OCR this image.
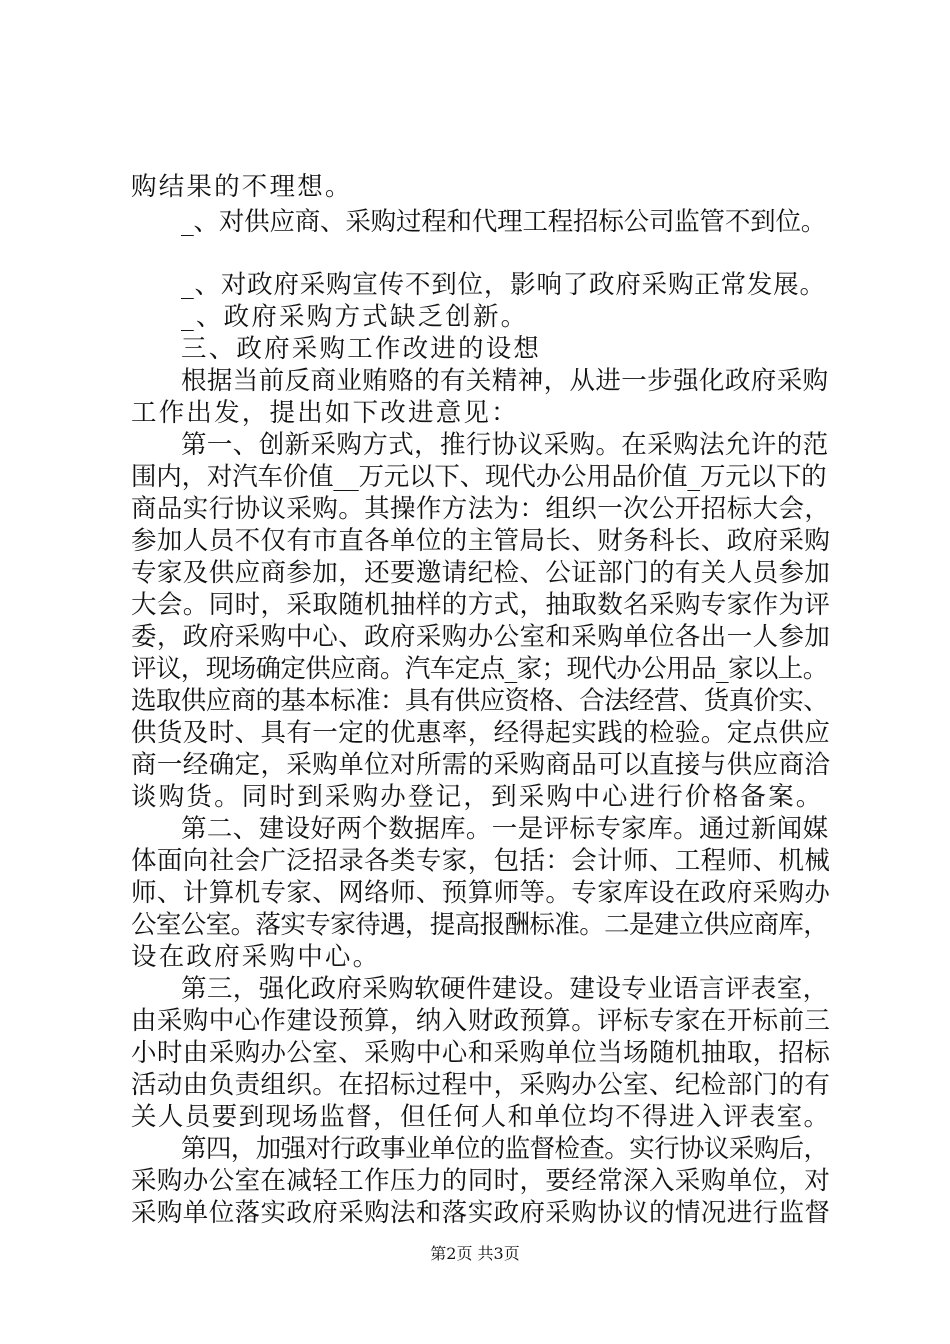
购结果的不理想。
_、对供应商、采购过程和代理工程招标公司监管不到位。
_、对政府采购宣传不到位，影响了政府采购正常发展。
_、政府采购方式缺乏创新。
三、政府采购工作改进的设想
根据当前反商业贿赂的有关精神，从进一步强化政府采购
工作出发，提出如下改进意见：
第一、创新采购方式，推行协议采购。在采购法允许的范
围内，对汽车价值__万元以下、现代办公用品价值_万元以下的
商品实行协议采购。其操作方法为：组织一次公开招标大会，
参加人员不仅有市直各单位的主管局长、财务科长、政府采购
专家及供应商参加，还要邀请纪检、公证部门的有关人员参加
大会。同时，采取随机抽样的方式，抽取数名采购专家作为评
委，政府采购中心、政府采购办公室和采购单位各出一人参加
评议，现场确定供应商。汽车定点_家；现代办公用品_家以上。
选取供应商的基本标准：具有供应资格、合法经营、货真价实、
供货及时、具有一定的优惠率，经得起实践的检验。定点供应
商一经确定，采购单位对所需的采购商品可以直接与供应商洽
谈购货。同时到采购办登记，到采购中心进行价格备案。
第二、建设好两个数据库。一是评标专家库。通过新闻媒
体面向社会广泛招录各类专家，包括：会计师、工程师、机械
师、计算机专家、网络师、预算师等。专家库设在政府采购办
公室公室。落实专家待遇，提高报酬标准。二是建立供应商库，
设在政府采购中心。
第三，强化政府采购软硬件建设。建设专业语言评表室，
由采购中心作建设预算，纳入财政预算。评标专家在开标前三
小时由采购办公室、采购中心和采购单位当场随机抽取，招标
活动由负责组织。在招标过程中，采购办公室、纪检部门的有
关人员要到现场监督，但任何人和单位均不得进入评表室。
第四，加强对行政事业单位的监督检查。实行协议采购后，
采购办公室在减轻工作压力的同时，要经常深入采购单位，对
采购单位落实政府采购法和落实政府采购协议的情况进行监督
第2页 共3页
